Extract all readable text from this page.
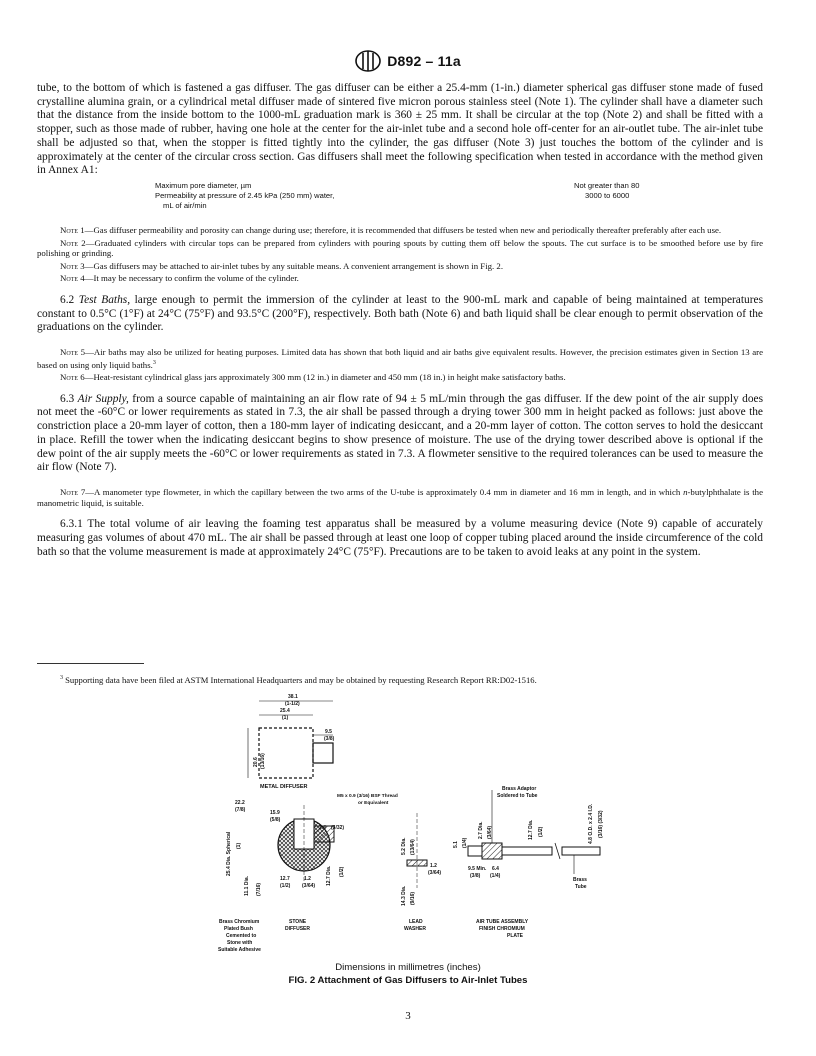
D892 – 11a

tube, to the bottom of which is fastened a gas diffuser. The gas diffuser can be either a 25.4-mm (1-in.) diameter spherical gas diffuser stone made of fused crystalline alumina grain, or a cylindrical metal diffuser made of sintered five micron porous stainless steel (Note 1). The cylinder shall have a diameter such that the distance from the inside bottom to the 1000-mL graduation mark is 360 ± 25 mm. It shall be circular at the top (Note 2) and shall be fitted with a stopper, such as those made of rubber, having one hole at the center for the air-inlet tube and a second hole off-center for an air-outlet tube. The air-inlet tube shall be adjusted so that, when the stopper is fitted tightly into the cylinder, the gas diffuser (Note 3) just touches the bottom of the cylinder and is approximately at the center of the circular cross section. Gas diffusers shall meet the following specification when tested in accordance with the method given in Annex A1:

Maximum pore diameter, µm	Not greater than 80
Permeability at pressure of 2.45 kPa (250 mm) water,	3000 to 6000
mL of air/min

Note 1—Gas diffuser permeability and porosity can change during use; therefore, it is recommended that diffusers be tested when new and periodically thereafter preferably after each use.

Note 2—Graduated cylinders with circular tops can be prepared from cylinders with pouring spouts by cutting them off below the spouts. The cut surface is to be smoothed before use by fire polishing or grinding.

Note 3—Gas diffusers may be attached to air-inlet tubes by any suitable means. A convenient arrangement is shown in Fig. 2.

Note 4—It may be necessary to confirm the volume of the cylinder.

6.2 Test Baths, large enough to permit the immersion of the cylinder at least to the 900-mL mark and capable of being maintained at temperatures constant to 0.5°C (1°F) at 24°C (75°F) and 93.5°C (200°F), respectively. Both bath (Note 6) and bath liquid shall be clear enough to permit observation of the graduations on the cylinder.

Note 5—Air baths may also be utilized for heating purposes. Limited data has shown that both liquid and air baths give equivalent results. However, the precision estimates given in Section 13 are based on using only liquid baths.$^3$

Note 6—Heat-resistant cylindrical glass jars approximately 300 mm (12 in.) in diameter and 450 mm (18 in.) in height make satisfactory baths.

6.3 Air Supply, from a source capable of maintaining an air flow rate of 94 ± 5 mL/min through the gas diffuser. If the dew point of the air supply does not meet the -60°C or lower requirements as stated in 7.3, the air shall be passed through a drying tower 300 mm in height packed as follows: just above the constriction place a 20-mm layer of cotton, then a 180-mm layer of indicating desiccant, and a 20-mm layer of cotton. The cotton serves to hold the desiccant in place. Refill the tower when the indicating desiccant begins to show presence of moisture. The use of the drying tower described above is optional if the dew point of the air supply meets the -60°C or lower requirements as stated in 7.3. A flowmeter sensitive to the required tolerances can be used to measure the air flow (Note 7).

Note 7—A manometer type flowmeter, in which the capillary between the two arms of the U-tube is approximately 0.4 mm in diameter and 16 mm in length, and in which n-butylphthalate is the manometric liquid, is suitable.

6.3.1 The total volume of air leaving the foaming test apparatus shall be measured by a volume measuring device (Note 9) capable of accurately measuring gas volumes of about 470 mL. The air shall be passed through at least one loop of copper tubing placed around the inside circumference of the cold bath so that the volume measurement is made at approximately 24°C (75°F). Precautions are to be taken to avoid leaks at any point in the system.

$^3$ Supporting data have been filed at ASTM International Headquarters and may be obtained by requesting Research Report RR:D02-1516.
38.1
(1-1/2)
25.4
(1)
9.5
(3/8)
20.6 (13/16)
METAL DIFFUSER
22.2
(7/8)	15.9
(5/8)
2.4 (3/32)
25.4 Dia. Spherical (1)
11.1 Dia. (7/16)
12.7
(1/2)
1.2
(3/64) 12.7 Dia. (1/2)
M5 x 0.9 (3/16) BSF Thread
or Equivalent
5.2 Dia. (13/64)
1.2
(3/64)
14.3 Dia. (9/16)
Brass Adaptor
Soldered to Tube
5.1 (1/4)
12.7 Dia. (1/2)	4.8 O.D. x 2.4 I.D. (3/16) (3/32)
2.7 Dia. (3/64)
9.5 Min.
(3/8)
6.4
(1/4)
Brass
Tube
Brass Chromium
Plated Bush
Cemented to
Stone with
Suitable Adhesive
STONE
DIFFUSER
LEAD
WASHER
AIR TUBE ASSEMBLY
FINISH CHROMIUM
PLATE
Dimensions in millimetres (inches)
FIG. 2 Attachment of Gas Diffusers to Air-Inlet Tubes
3
